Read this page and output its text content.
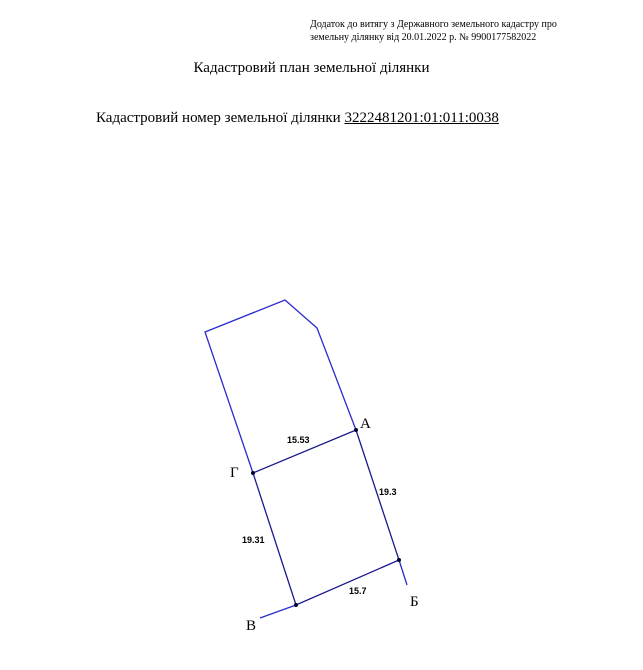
Додаток до витягу з Державного земельного кадастру про
земельну ділянку від 20.01.2022 р. № 9900177582022
Кадастровий план земельної ділянки
Кадастровий номер земельної ділянки 3222481201:01:011:0038
А
Б
В
Г
15.53
19.3
15.7
19.31
